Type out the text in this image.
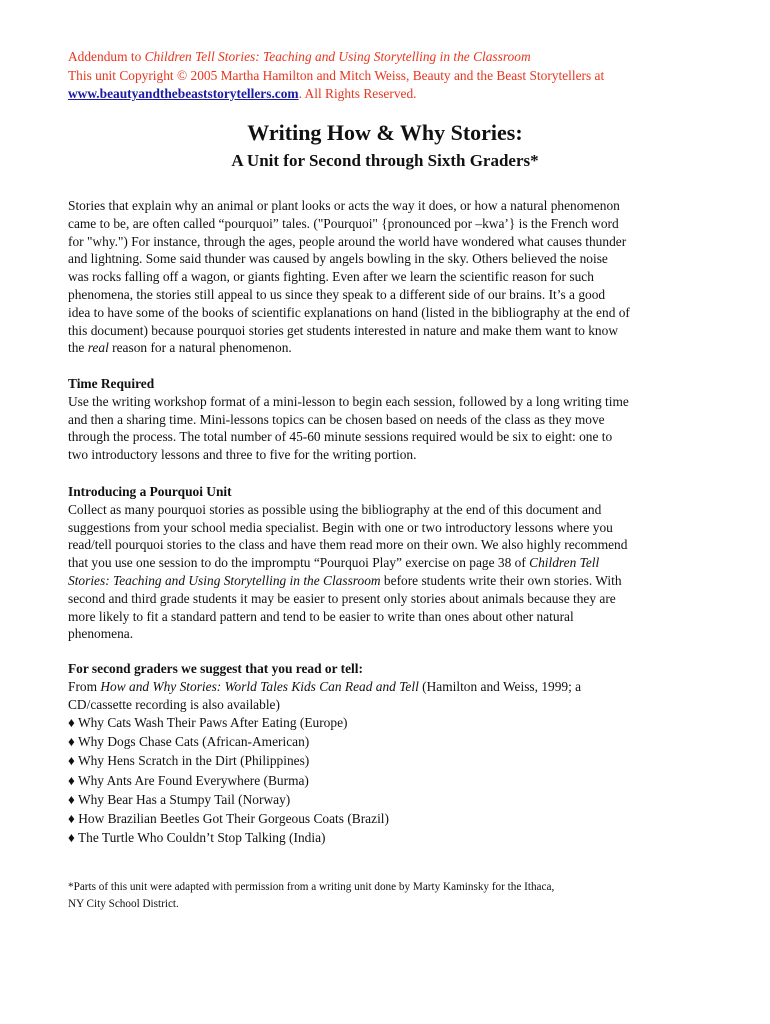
Addendum to Children Tell Stories: Teaching and Using Storytelling in the Classroom
This unit Copyright © 2005 Martha Hamilton and Mitch Weiss, Beauty and the Beast Storytellers at
www.beautyandthebeaststorytellers.com. All Rights Reserved.
Writing How & Why Stories:
A Unit for Second through Sixth Graders*

Stories that explain why an animal or plant looks or acts the way it does, or how a natural phenomenon
came to be, are often called “pourquoi” tales. ("Pourquoi" {pronounced por –kwa’} is the French word
for "why.") For instance, through the ages, people around the world have wondered what causes thunder
and lightning. Some said thunder was caused by angels bowling in the sky. Others believed the noise
was rocks falling off a wagon, or giants fighting. Even after we learn the scientific reason for such
phenomena, the stories still appeal to us since they speak to a different side of our brains. It’s a good
idea to have some of the books of scientific explanations on hand (listed in the bibliography at the end of
this document) because pourquoi stories get students interested in nature and make them want to know
the real reason for a natural phenomenon.

Time Required
Use the writing workshop format of a mini-lesson to begin each session, followed by a long writing time
and then a sharing time. Mini-lessons topics can be chosen based on needs of the class as they move
through the process. The total number of 45-60 minute sessions required would be six to eight: one to
two introductory lessons and three to five for the writing portion.

Introducing a Pourquoi Unit
Collect as many pourquoi stories as possible using the bibliography at the end of this document and
suggestions from your school media specialist. Begin with one or two introductory lessons where you
read/tell pourquoi stories to the class and have them read more on their own. We also highly recommend
that you use one session to do the impromptu “Pourquoi Play” exercise on page 38 of Children Tell
Stories: Teaching and Using Storytelling in the Classroom before students write their own stories. With
second and third grade students it may be easier to present only stories about animals because they are
more likely to fit a standard pattern and tend to be easier to write than ones about other natural
phenomena.

For second graders we suggest that you read or tell:
From How and Why Stories: World Tales Kids Can Read and Tell (Hamilton and Weiss, 1999; a
CD/cassette recording is also available)

♦ Why Cats Wash Their Paws After Eating (Europe)
♦ Why Dogs Chase Cats (African-American)
♦ Why Hens Scratch in the Dirt (Philippines)
♦ Why Ants Are Found Everywhere (Burma)
♦ Why Bear Has a Stumpy Tail (Norway)
♦ How Brazilian Beetles Got Their Gorgeous Coats (Brazil)
♦ The Turtle Who Couldn’t Stop Talking (India)
*Parts of this unit were adapted with permission from a writing unit done by Marty Kaminsky for the Ithaca,
NY City School District.
